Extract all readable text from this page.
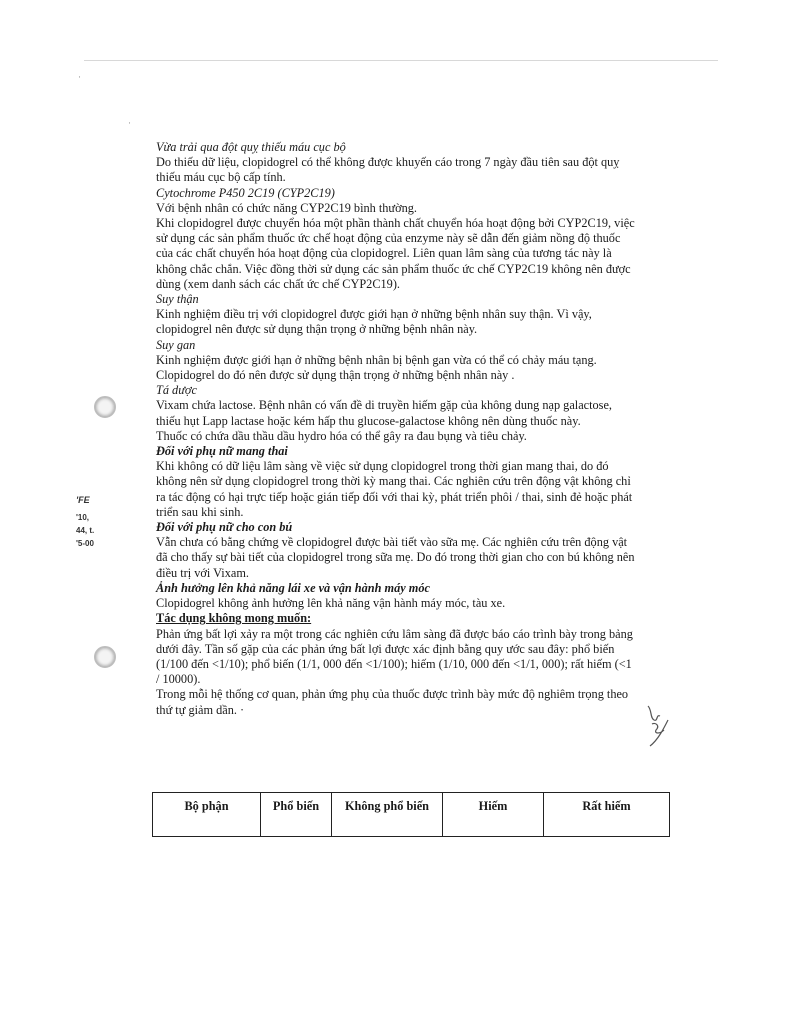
·
·
'FE
'10,
44, t.
'5-00

Vừa trải qua đột quỵ thiếu máu cục bộ

Do thiếu dữ liệu, clopidogrel có thể không được khuyến cáo trong 7 ngày đầu tiên sau đột quỵ thiếu máu cục bộ cấp tính.

Cytochrome P450 2C19 (CYP2C19)

Với bệnh nhân có chức năng CYP2C19 bình thường.

Khi clopidogrel được chuyển hóa một phần thành chất chuyển hóa hoạt động bởi CYP2C19, việc sử dụng các sản phẩm thuốc ức chế hoạt động của enzyme này sẽ dẫn đến giảm nồng độ thuốc của các chất chuyển hóa hoạt động của clopidogrel. Liên quan lâm sàng của tương tác này là không chắc chắn. Việc đồng thời sử dụng các sản phẩm thuốc ức chế CYP2C19 không nên được dùng (xem danh sách các chất ức chế CYP2C19).

Suy thận

Kinh nghiệm điều trị với clopidogrel được giới hạn ở những bệnh nhân suy thận. Vì vậy, clopidogrel nên được sử dụng thận trọng ở những bệnh nhân này.

Suy gan

Kinh nghiệm được giới hạn ở những bệnh nhân bị bệnh gan vừa có thể có chảy máu tạng. Clopidogrel do đó nên được sử dụng thận trọng ở những bệnh nhân này .

Tá dược

Vixam chứa lactose. Bệnh nhân có vấn đề di truyền hiếm gặp của không dung nạp galactose, thiếu hụt Lapp lactase hoặc kém hấp thu glucose-galactose không nên dùng thuốc này.

Thuốc có chứa dầu thầu dầu hydro hóa có thể gây ra đau bụng và tiêu chảy.

Đối với phụ nữ mang thai

Khi không có dữ liệu lâm sàng về việc sử dụng clopidogrel trong thời gian mang thai, do đó không nên sử dụng clopidogrel trong thời kỳ mang thai. Các nghiên cứu trên động vật không chỉ ra tác động có hại trực tiếp hoặc gián tiếp đối với thai kỳ, phát triển phôi / thai, sinh đẻ hoặc phát triển sau khi sinh.

Đối với phụ nữ cho con bú

Vẫn chưa có bằng chứng về clopidogrel được bài tiết vào sữa mẹ. Các nghiên cứu trên động vật đã cho thấy sự bài tiết của clopidogrel trong sữa mẹ. Do đó trong thời gian cho con bú không nên điều trị với Vixam.

Ảnh hưởng lên khả năng lái xe và vận hành máy móc

Clopidogrel không ảnh hưởng lên khả năng vận hành máy móc, tàu xe.

Tác dụng không mong muốn:

Phản ứng bất lợi xảy ra một trong các nghiên cứu lâm sàng đã được báo cáo trình bày trong bảng dưới đây. Tần số gặp của các phản ứng bất lợi được xác định bằng quy ước sau đây: phổ biến (1/100 đến <1/10); phổ biến (1/1, 000 đến <1/100); hiếm (1/10, 000 đến <1/1, 000); rất hiếm (<1 / 10000).

Trong mỗi hệ thống cơ quan, phản ứng phụ của thuốc được trình bày mức độ nghiêm trọng theo thứ tự giảm dần. ·

Bộ phận	Phổ biến	Không phổ biến	Hiếm	Rất hiếm
